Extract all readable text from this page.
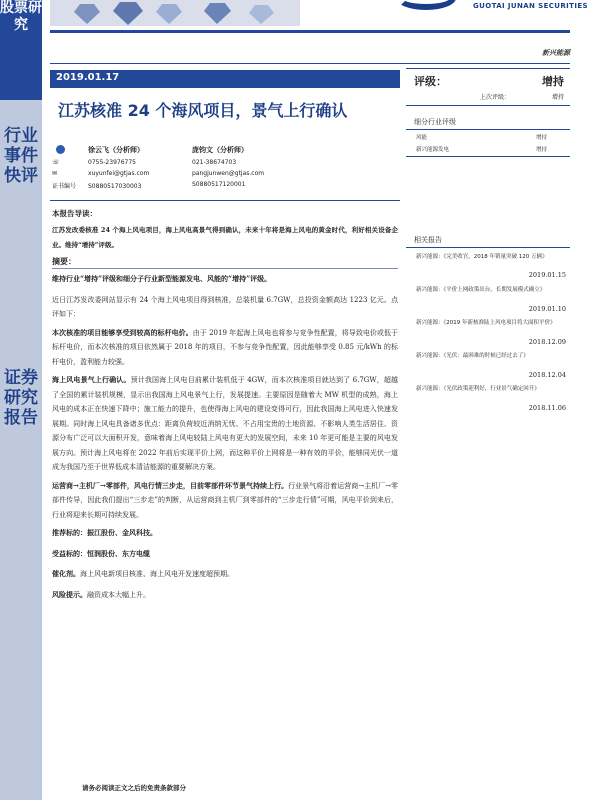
GUOTAI JUNAN SECURITIES
股票研究
行业事件快评
证券研究报告
新兴能源
2019.01.17
江苏核准 24 个海风项目，景气上行确认
徐云飞（分析师）
☏	0755-23976775
✉	xuyunfei@gtjas.com
证书编号 S0880517030003
庞钧文（分析师）
021-38674703
pangjunwen@gtjas.com
S0880517120001
本报告导读：
江苏发改委核准 24 个海上风电项目，海上风电高景气得到确认，未来十年将是海上风电的黄金时代，利好相关设备企业。维持“增持”评级。
摘要：
维持行业“增持”评级和细分子行业新型能源发电、风能的“增持”评级。
近日江苏发改委网站显示有 24 个海上风电项目得到核准，总装机量 6.7GW，总投资金额高达 1223 亿元。点评如下：
本次核准的项目能够享受到较高的标杆电价。由于 2019 年起海上风电也将参与竞争性配置，将导致电价或低于标杆电价，而本次核准的项目依然属于 2018 年的项目，不参与竞争性配置，因此能够享受 0.85 元/kWh 的标杆电价，盈利能力较强。
海上风电景气上行确认。预计我国海上风电目前累计装机低于 4GW，而本次核准项目就达到了 6.7GW，超越了全国的累计装机规模，显示出我国海上风电景气上行，发展提速。主要原因是随着大 MW 机型的成熟，海上风电的成本正在快速下降中；施工能力的提升，也使得海上风电的建设变得可行，因此我国海上风电进入快速发展期。同时海上风电具备诸多优点：距离负荷较近消纳无忧、不占用宝贵的土地资源、不影响人类生活居住、资源分布广泛可以大面积开发，意味着海上风电较陆上风电有更大的发展空间，未来 10 年更可能是主要的风电发展方向。预计海上风电将在 2022 年前后实现平价上网，而这种平价上网将是一种有效的平价，能够同光伏一道成为我国乃至于世界低成本清洁能源的重要解决方案。
运营商→主机厂→零部件，风电行情三步走，目前零部件环节景气持续上行。行业景气将沿着运营商→主机厂→零部件传导，因此我们提出“三步走”的判断，从运营商到主机厂到零部件的“三步走行情”可期，风电平价到来后，行业将迎来长期可持续发展。
推荐标的：振江股份、金风科技。
受益标的：恒润股份、东方电缆
催化剂。海上风电新项目核准、海上风电开发速度超预期。
风险提示。融资成本大幅上升。
评级：	增持
上次评级：	增持
细分行业评级
风能	增持
新兴能源发电	增持
相关报告
新兴能源：《完美收官，2018 年销量突破 120 万辆》
2019.01.15
新兴能源：《平价上网政策出台，长期发展模式确立》
2019.01.10
新兴能源：《2019 年新核准陆上风电项目将大面积平价》
2018.12.09
新兴能源：《光伏：最困难的时候已经过去了》
2018.12.04
新兴能源：《光伏政策迎利好，行业景气确定回升》
2018.11.06
请务必阅读正文之后的免责条款部分
